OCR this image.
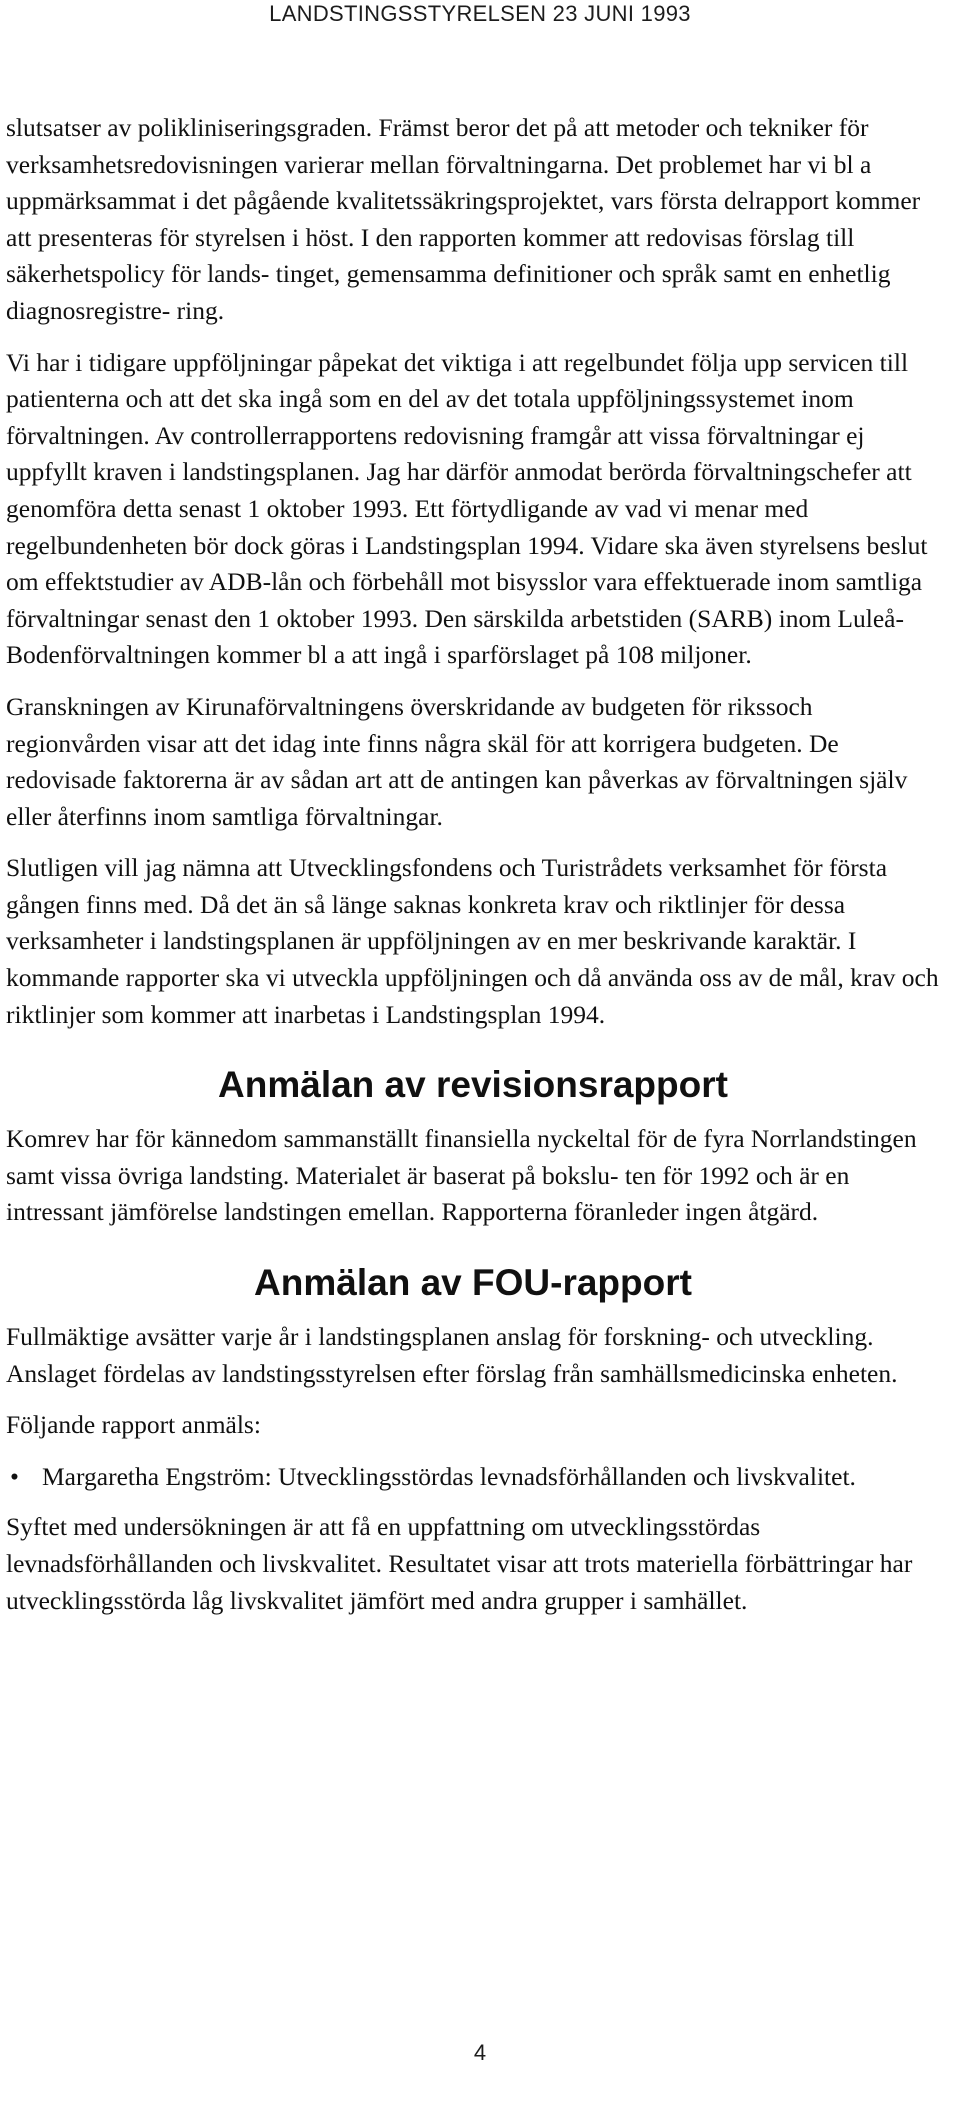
LANDSTINGSSTYRELSEN 23 JUNI 1993

slutsatser av polikliniseringsgraden. Främst beror det på att metoder och tekniker för verksamhetsredovisningen varierar mellan förvaltningarna. Det problemet har vi bl a uppmärksammat i det pågående kvalitetssäkringsprojektet, vars första delrapport kommer att presenteras för styrelsen i höst. I den rapporten kommer att redovisas förslag till säkerhetspolicy för lands- tinget, gemensamma definitioner och språk samt en enhetlig diagnosregistre- ring.

Vi har i tidigare uppföljningar påpekat det viktiga i att regelbundet följa upp servicen till patienterna och att det ska ingå som en del av det totala uppföljningssystemet inom förvaltningen. Av controllerrapportens redovisning framgår att vissa förvaltningar ej uppfyllt kraven i landstingsplanen. Jag har därför anmodat berörda förvaltningschefer att genomföra detta senast 1 oktober 1993. Ett förtydligande av vad vi menar med regelbundenheten bör dock göras i Landstingsplan 1994. Vidare ska även styrelsens beslut om effektstudier av ADB-lån och förbehåll mot bisysslor vara effektuerade inom samtliga förvaltningar senast den 1 oktober 1993. Den särskilda arbetstiden (SARB) inom Luleå-Bodenförvaltningen kommer bl a att ingå i sparförslaget på 108 miljoner.

Granskningen av Kirunaförvaltningens överskridande av budgeten för rikssoch regionvården visar att det idag inte finns några skäl för att korrigera budgeten. De redovisade faktorerna är av sådan art att de antingen kan påverkas av förvaltningen själv eller återfinns inom samtliga förvaltningar.

Slutligen vill jag nämna att Utvecklingsfondens och Turistrådets verksamhet för första gången finns med. Då det än så länge saknas konkreta krav och riktlinjer för dessa verksamheter i landstingsplanen är uppföljningen av en mer beskrivande karaktär. I kommande rapporter ska vi utveckla uppföljningen och då använda oss av de mål, krav och riktlinjer som kommer att inarbetas i Landstingsplan 1994.

Anmälan av revisionsrapport

Komrev har för kännedom sammanställt finansiella nyckeltal för de fyra Norrlandstingen samt vissa övriga landsting. Materialet är baserat på bokslu- ten för 1992 och är en intressant jämförelse landstingen emellan. Rapporterna föranleder ingen åtgärd.

Anmälan av FOU-rapport

Fullmäktige avsätter varje år i landstingsplanen anslag för forskning- och utveckling. Anslaget fördelas av landstingsstyrelsen efter förslag från samhällsmedicinska enheten.

Följande rapport anmäls:

• Margaretha Engström: Utvecklingsstördas levnadsförhållanden och livskvalitet.

Syftet med undersökningen är att få en uppfattning om utvecklingsstördas levnadsförhållanden och livskvalitet. Resultatet visar att trots materiella förbättringar har utvecklingsstörda låg livskvalitet jämfört med andra grupper i samhället.

4
